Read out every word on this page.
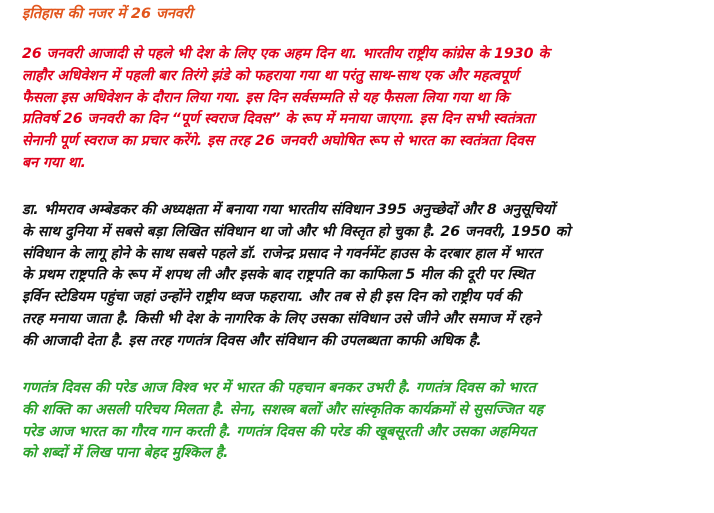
इतिहास की नजर में 26 जनवरी
26 जनवरी आजादी से पहले भी देश के लिए एक अहम दिन था. भारतीय राष्ट्रीय कांग्रेस के 1930 के
लाहौर अधिवेशन में पहली बार तिरंगे झंडे को फहराया गया था परंतु साथ-साथ एक और महत्वपूर्ण
फैसला इस अधिवेशन के दौरान लिया गया. इस दिन सर्वसम्मति से यह फैसला लिया गया था कि
प्रतिवर्ष 26 जनवरी का दिन “पूर्ण स्वराज दिवस” के रूप में मनाया जाएगा. इस दिन सभी स्वतंत्रता
सेनानी पूर्ण स्वराज का प्रचार करेंगे. इस तरह 26 जनवरी अघोषित रूप से भारत का स्वतंत्रता दिवस
बन गया था.
डा. भीमराव अम्बेडकर की अध्यक्षता में बनाया गया भारतीय संविधान 395 अनुच्छेदों और 8 अनुसूचियों
के साथ दुनिया में सबसे बड़ा लिखित संविधान था जो और भी विस्तृत हो चुका है. 26 जनवरी, 1950 को
संविधान के लागू होने के साथ सबसे पहले डॉ. राजेन्द्र प्रसाद ने गवर्नमेंट हाउस के दरबार हाल में भारत
के प्रथम राष्ट्रपति के रूप में शपथ ली और इसके बाद राष्ट्रपति का काफिला 5 मील की दूरी पर स्थित
इर्विन स्टेडियम पहुंचा जहां उन्होंने राष्ट्रीय ध्वज फहराया. और तब से ही इस दिन को राष्ट्रीय पर्व की
तरह मनाया जाता है. किसी भी देश के नागरिक के लिए उसका संविधान उसे जीने और समाज में रहने
की आजादी देता है. इस तरह गणतंत्र दिवस और संविधान की उपलब्धता काफी अधिक है.
गणतंत्र दिवस की परेड आज विश्व भर में भारत की पहचान बनकर उभरी है. गणतंत्र दिवस को भारत
की शक्ति का असली परिचय मिलता है. सेना, सशस्त्र बलों और सांस्कृतिक कार्यक्रमों से सुसज्जित यह
परेड आज भारत का गौरव गान करती है. गणतंत्र दिवस की परेड की खूबसूरती और उसका अहमियत
को शब्दों में लिख पाना बेहद मुश्किल है.
